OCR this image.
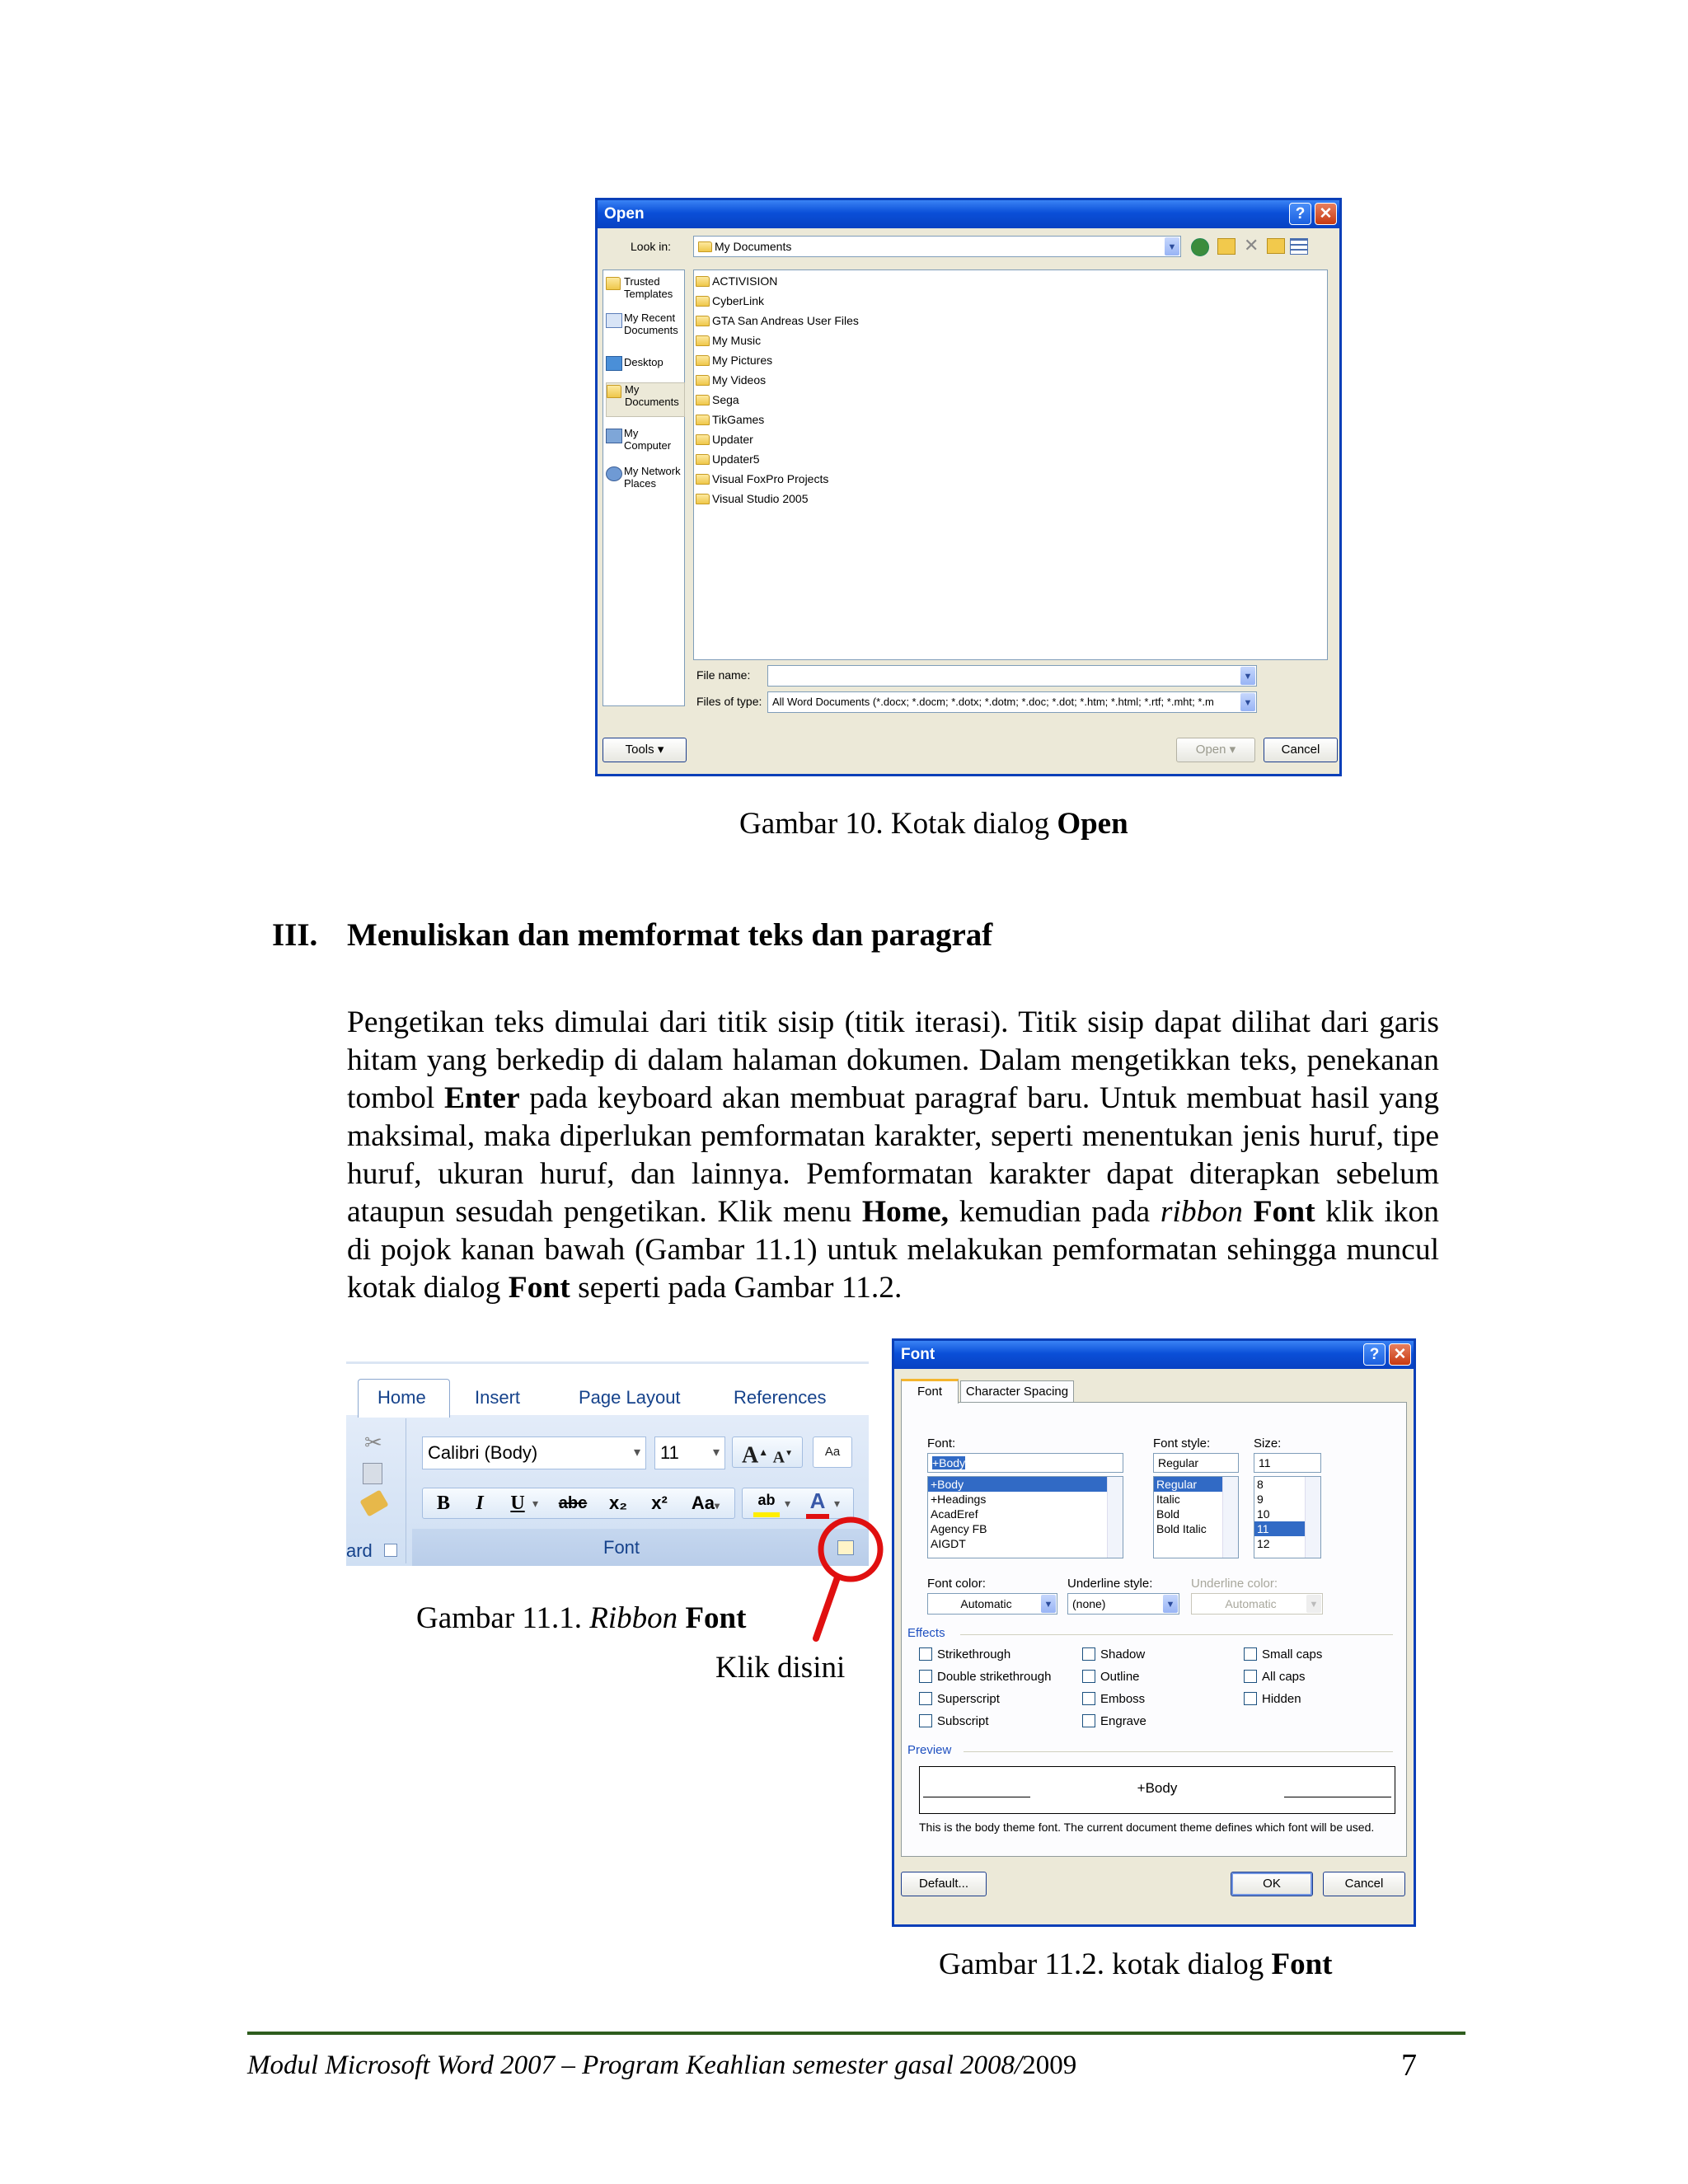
Open	? ✕
Look in:	My Documents	▼	✕
Trusted Templates
My Recent Documents
Desktop
My Documents
My Computer
My Network Places
ACTIVISION
CyberLink
GTA San Andreas User Files
My Music
My Pictures
My Videos
Sega
TikGames
Updater
Updater5
Visual FoxPro Projects
Visual Studio 2005
File name:	▼
Files of type: All Word Documents (*.docx; *.docm; *.dotx; *.dotm; *.doc; *.dot; *.htm; *.html; *.rtf; *.mht; *.m	▼
Tools ▾	Open ▾	Cancel
Gambar 10. Kotak dialog Open
III. Menuliskan dan memformat teks dan paragraf
Pengetikan teks dimulai dari titik sisip (titik iterasi). Titik sisip dapat dilihat dari garis hitam yang berkedip di dalam halaman dokumen. Dalam mengetikkan teks, penekanan tombol Enter pada keyboard akan membuat paragraf baru. Untuk membuat hasil yang maksimal, maka diperlukan pemformatan karakter, seperti menentukan jenis huruf, tipe huruf, ukuran huruf, dan lainnya. Pemformatan karakter dapat diterapkan sebelum ataupun sesudah pengetikan. Klik menu Home, kemudian pada ribbon Font klik ikon di pojok kanan bawah (Gambar 11.1) untuk melakukan pemformatan sehingga muncul kotak dialog Font seperti pada Gambar 11.2.
Home	Insert	Page Layout	References
✂
ard
Calibri (Body)	▾	11	▾ A▲ A▼	Aa
B	I	U ▾	abc	x₂	x²	Aa▾	ab ▾ A ▾
Font
Gambar 11.1. Ribbon Font
Klik disini
Font	? ✕
Font	Character Spacing
Font:
+Body
+Body
+Headings
AcadEref
Agency FB
AIGDT
Font style:
Regular
Regular
Italic
Bold
Bold Italic
Size:
11
8
9
10
11
12
Font color:
Automatic	▼
Underline style:
(none)	▼
Underline color:
Automatic	▼
Effects
Strikethrough	Shadow	Small caps
Double strikethrough	Outline	All caps
Superscript	Emboss	Hidden
Subscript	Engrave
Preview
+Body
This is the body theme font. The current document theme defines which font will be used.
Default...	OK	Cancel
Gambar 11.2. kotak dialog Font
Modul Microsoft Word 2007 – Program Keahlian semester gasal 2008/2009	7
